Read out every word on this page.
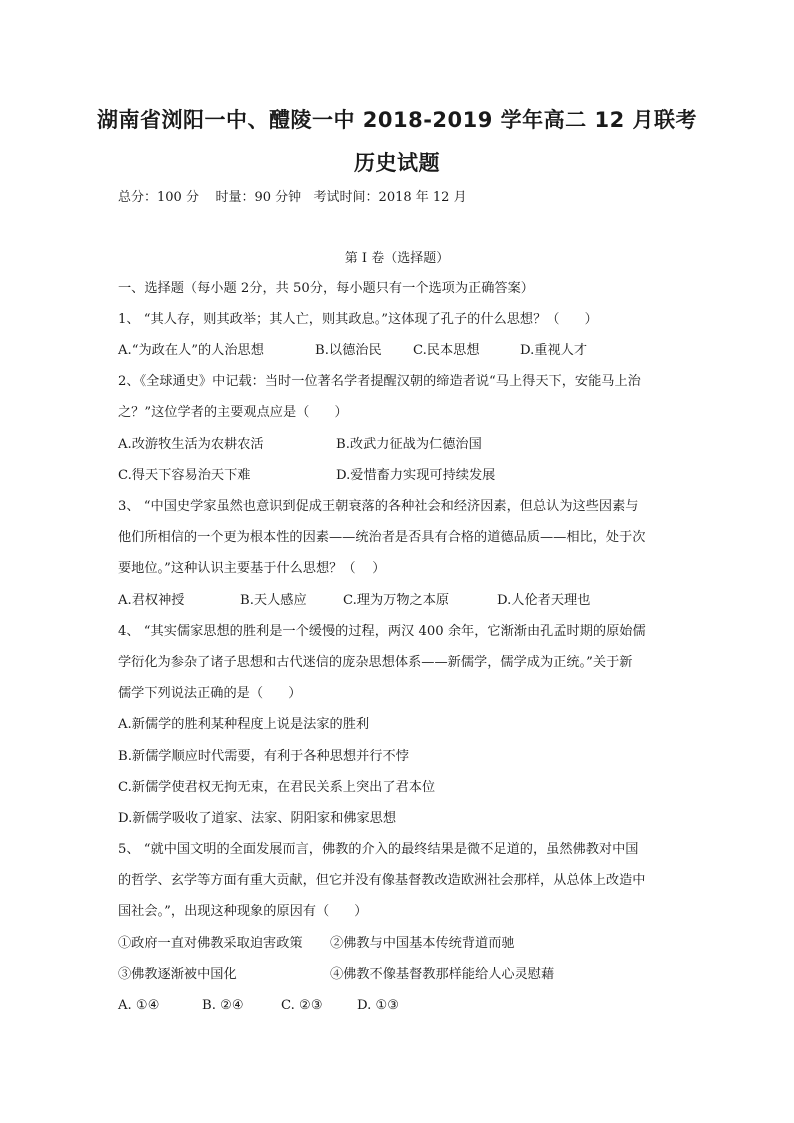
湖南省浏阳一中、醴陵一中 2018-2019 学年高二 12 月联考
历史试题
总分：100 分    时量：90 分钟   考试时间：2018 年 12 月
第 I 卷（选择题）
一、选择题（每小题 2分，共 50分，每小题只有一个选项为正确答案）
1、 “其人存，则其政举；其人亡，则其政息。”这体现了孔子的什么思想？（      ）
A.“为政在人”的人治思想	B.以德治民 C.民本思想	D.重视人才
2、《全球通史》中记载：当时一位著名学者提醒汉朝的缔造者说“马上得天下，安能马上治
之？”这位学者的主要观点应是（      ）
A.改游牧生活为农耕农活	B.改武力征战为仁德治国
C.得天下容易治天下难	D.爱惜畜力实现可持续发展
3、 “中国史学家虽然也意识到促成王朝衰落的各种社会和经济因素，但总认为这些因素与
他们所相信的一个更为根本性的因素——统治者是否具有合格的道德品质——相比，处于次
要地位。”这种认识主要基于什么思想？（    ）
A.君权神授	B.天人感应	C.理为万物之本原	D.人伦者天理也
4、 “其实儒家思想的胜利是一个缓慢的过程，两汉 400 余年，它渐渐由孔孟时期的原始儒
学衍化为参杂了诸子思想和古代迷信的庞杂思想体系——新儒学，儒学成为正统。”关于新
儒学下列说法正确的是（      ）
A.新儒学的胜利某种程度上说是法家的胜利
B.新儒学顺应时代需要，有利于各种思想并行不悖
C.新儒学使君权无拘无束，在君民关系上突出了君本位
D.新儒学吸收了道家、法家、阴阳家和佛家思想
5、 “就中国文明的全面发展而言，佛教的介入的最终结果是微不足道的，虽然佛教对中国
的哲学、玄学等方面有重大贡献，但它并没有像基督教改造欧洲社会那样，从总体上改造中
国社会。”，出现这种现象的原因有（      ）
①政府一直对佛教采取迫害政策 ②佛教与中国基本传统背道而驰
③佛教逐渐被中国化	④佛教不像基督教那样能给人心灵慰藉
A. ①④	B. ②④	C. ②③	D. ①③
